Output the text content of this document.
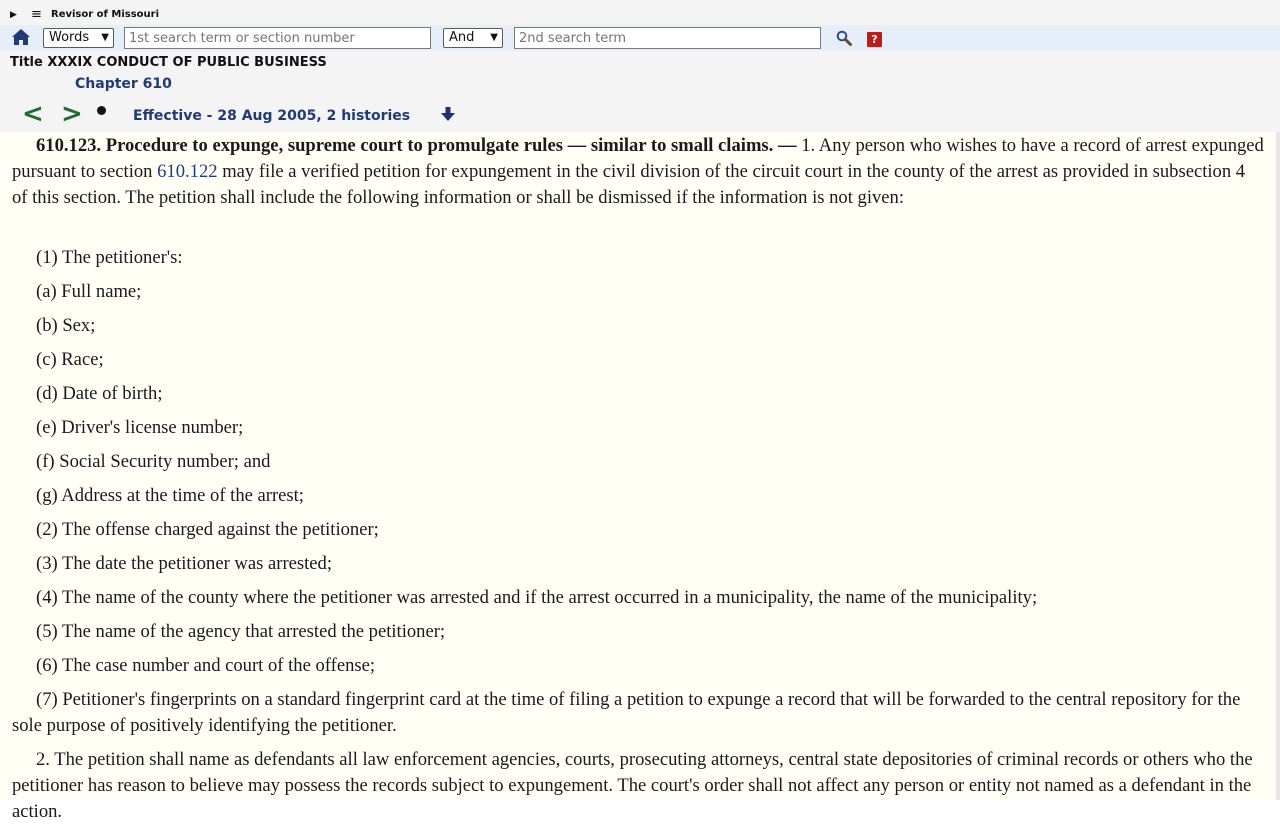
▶ ≡ Revisor of Missouri
Words ▼
1st search term or section number	And ▼
2nd search term	?
Title XXXIX CONDUCT OF PUBLIC BUSINESS
Chapter 610
< >	Effective - 28 Aug 2005, 2 histories

610.123. Procedure to expunge, supreme court to promulgate rules — similar to small claims. — 1. Any person who wishes to have a record of arrest expunged pursuant to section 610.122 may file a verified petition for expungement in the civil division of the circuit court in the county of the arrest as provided in subsection 4 of this section. The petition shall include the following information or shall be dismissed if the information is not given:

(1) The petitioner's:

(a) Full name;

(b) Sex;

(c) Race;

(d) Date of birth;

(e) Driver's license number;

(f) Social Security number; and

(g) Address at the time of the arrest;

(2) The offense charged against the petitioner;

(3) The date the petitioner was arrested;

(4) The name of the county where the petitioner was arrested and if the arrest occurred in a municipality, the name of the municipality;

(5) The name of the agency that arrested the petitioner;

(6) The case number and court of the offense;

(7) Petitioner's fingerprints on a standard fingerprint card at the time of filing a petition to expunge a record that will be forwarded to the central repository for the sole purpose of positively identifying the petitioner.

2. The petition shall name as defendants all law enforcement agencies, courts, prosecuting attorneys, central state depositories of criminal records or others who the petitioner has reason to believe may possess the records subject to expungement. The court's order shall not affect any person or entity not named as a defendant in the action.
